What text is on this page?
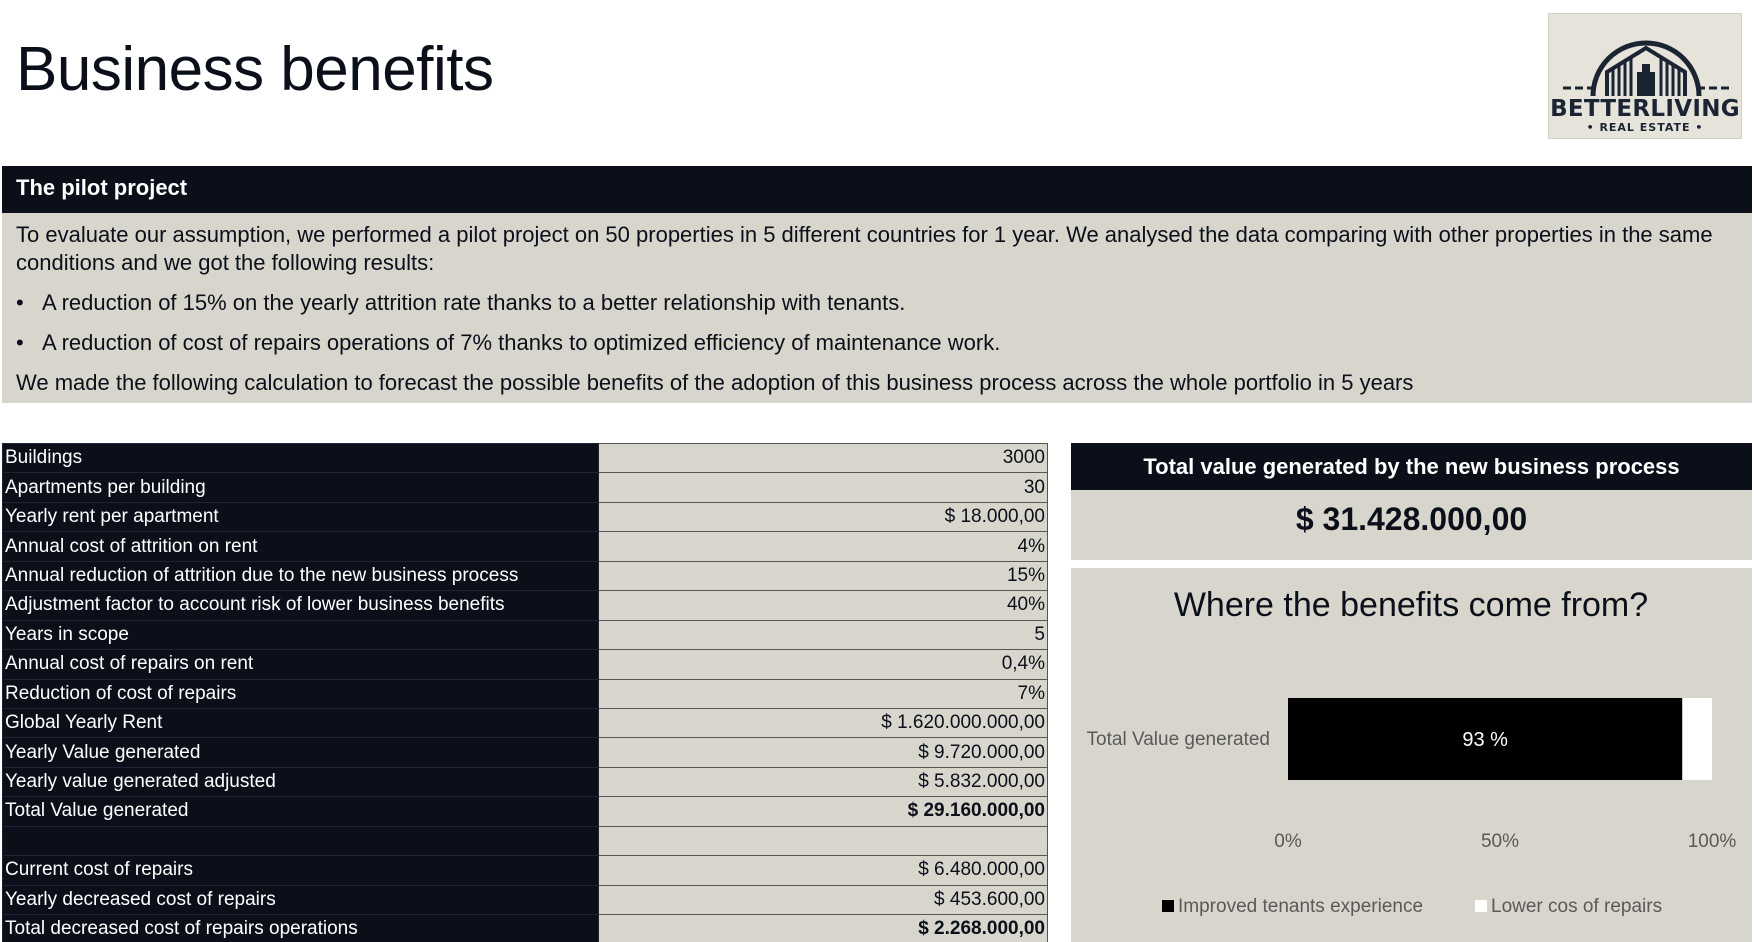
Business benefits
BETTERLIVING
• REAL ESTATE •
The pilot project

To evaluate our assumption, we performed a pilot project on 50 properties in 5 different countries for 1 year. We analysed the data comparing with other properties in the same conditions and we got the following results:

• A reduction of 15% on the yearly attrition rate thanks to a better relationship with tenants.
• A reduction of cost of repairs operations of 7% thanks to optimized efficiency of maintenance work.

We made the following calculation to forecast the possible benefits of the adoption of this business process across the whole portfolio in 5 years

Buildings	3000
Apartments per building	30
Yearly rent per apartment	$ 18.000,00
Annual cost of attrition on rent	4%
Annual reduction of attrition due to the new business process	15%
Adjustment factor to account risk of lower business benefits	40%
Years in scope	5
Annual cost of repairs on rent	0,4%
Reduction of cost of repairs	7%
Global Yearly Rent	$ 1.620.000.000,00
Yearly Value generated	$ 9.720.000,00
Yearly value generated adjusted	$ 5.832.000,00
Total Value generated	$ 29.160.000,00

Current cost of repairs	$ 6.480.000,00
Yearly decreased cost of repairs	$ 453.600,00
Total decreased cost of repairs operations	$ 2.268.000,00
Total value generated by the new business process
$ 31.428.000,00
Where the benefits come from?
Total Value generated	93 %
0%	50%	100%
Improved tenants experience	Lower cos of repairs
